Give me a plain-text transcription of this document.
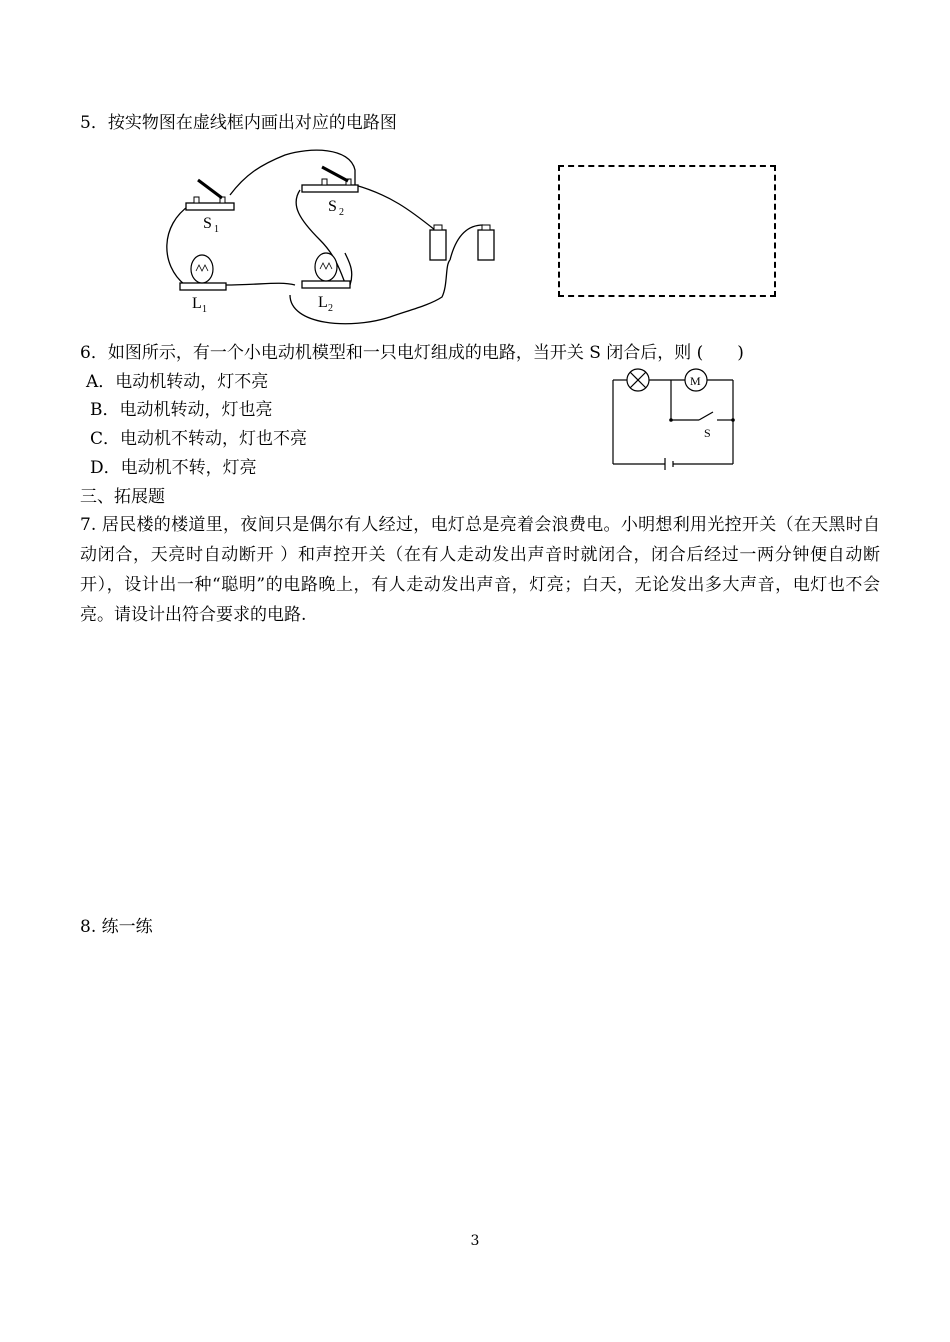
5．按实物图在虚线框内画出对应的电路图
S 1
S 2
L 1	L 2
6．如图所示，有一个小电动机模型和一只电灯组成的电路，当开关 S 闭合后，则 (　　)
A．电动机转动，灯不亮
B．电动机转动，灯也亮
C．电动机不转动，灯也不亮
D．电动机不转，灯亮
M
S
三、拓展题
7. 居民楼的楼道里，夜间只是偶尔有人经过，电灯总是亮着会浪费电。小明想利用光控开关（在天黑时自动闭合，天亮时自动断开 ）和声控开关（在有人走动发出声音时就闭合，闭合后经过一两分钟便自动断开），设计出一种“聪明”的电路晚上，有人走动发出声音，灯亮；白天，无论发出多大声音，电灯也不会亮。请设计出符合要求的电路.
8. 练一练
3
